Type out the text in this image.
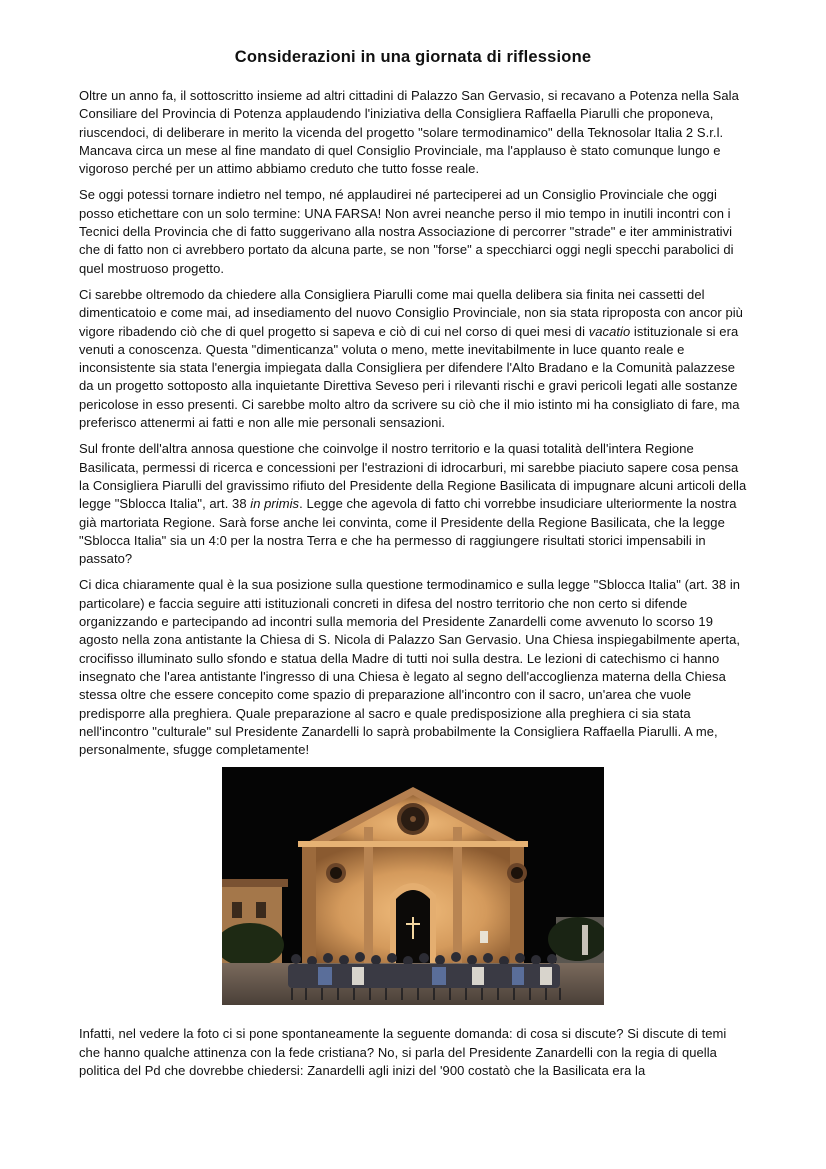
Considerazioni in una giornata di riflessione

Oltre un anno fa, il sottoscritto insieme ad altri cittadini di Palazzo San Gervasio, si recavano a Potenza nella Sala Consiliare del Provincia di Potenza applaudendo l'iniziativa della Consigliera Raffaella Piarulli che proponeva, riuscendoci, di deliberare in merito la vicenda del progetto "solare termodinamico" della Teknosolar Italia 2 S.r.l. Mancava circa un mese al fine mandato di quel Consiglio Provinciale, ma l'applauso è stato comunque lungo e vigoroso perché per un attimo abbiamo creduto che tutto fosse reale.

Se oggi potessi tornare indietro nel tempo, né applaudirei né parteciperei ad un Consiglio Provinciale che oggi posso etichettare con un solo termine: UNA FARSA! Non avrei neanche perso il mio tempo in inutili incontri con i Tecnici della Provincia che di fatto suggerivano alla nostra Associazione di percorrer "strade" e iter amministrativi che di fatto non ci avrebbero portato da alcuna parte, se non "forse" a specchiarci oggi negli specchi parabolici di quel mostruoso progetto.

Ci sarebbe oltremodo da chiedere alla Consigliera Piarulli come mai quella delibera sia finita nei cassetti del dimenticatoio e come mai, ad insediamento del nuovo Consiglio Provinciale, non sia stata riproposta con ancor più vigore ribadendo ciò che di quel progetto si sapeva e ciò di cui nel corso di quei mesi di vacatio istituzionale si era venuti a conoscenza. Questa "dimenticanza" voluta o meno, mette inevitabilmente in luce quanto reale e inconsistente sia stata l'energia impiegata dalla Consigliera per difendere l'Alto Bradano e la Comunità palazzese da un progetto sottoposto alla inquietante Direttiva Seveso peri i rilevanti rischi e gravi pericoli legati alle sostanze pericolose in esso presenti. Ci sarebbe molto altro da scrivere su ciò che il mio istinto mi ha consigliato di fare, ma preferisco attenermi ai fatti e non alle mie personali sensazioni.

Sul fronte dell'altra annosa questione che coinvolge il nostro territorio e la quasi totalità dell'intera Regione Basilicata, permessi di ricerca e concessioni per l'estrazioni di idrocarburi, mi sarebbe piaciuto sapere cosa pensa la Consigliera Piarulli del gravissimo rifiuto del Presidente della Regione Basilicata di impugnare alcuni articoli della legge "Sblocca Italia", art. 38 in primis. Legge che agevola di fatto chi vorrebbe insudiciare ulteriormente la nostra già martoriata Regione. Sarà forse anche lei convinta, come il Presidente della Regione Basilicata, che la legge "Sblocca Italia" sia un 4:0 per la nostra Terra e che ha permesso di raggiungere risultati storici impensabili in passato?

Ci dica chiaramente qual è la sua posizione sulla questione termodinamico e sulla legge "Sblocca Italia" (art. 38 in particolare) e faccia seguire atti istituzionali concreti in difesa del nostro territorio che non certo si difende organizzando e partecipando ad incontri sulla memoria del Presidente Zanardelli come avvenuto lo scorso 19 agosto nella zona antistante la Chiesa di S. Nicola di Palazzo San Gervasio. Una Chiesa inspiegabilmente aperta, crocifisso illuminato sullo sfondo e statua della Madre di tutti noi sulla destra. Le lezioni di catechismo ci hanno insegnato che l'area antistante l'ingresso di una Chiesa è legato al segno dell'accoglienza materna della Chiesa stessa oltre che essere concepito come spazio di preparazione all'incontro con il sacro, un'area che vuole predisporre alla preghiera. Quale preparazione al sacro e quale predisposizione alla preghiera ci sia stata nell'incontro "culturale" sul Presidente Zanardelli lo saprà probabilmente la Consigliera Raffaella Piarulli. A me, personalmente, sfugge completamente!

Infatti, nel vedere la foto ci si pone spontaneamente la seguente domanda: di cosa si discute? Si discute di temi che hanno qualche attinenza con la fede cristiana? No, si parla del Presidente Zanardelli con la regia di quella politica del Pd che dovrebbe chiedersi: Zanardelli agli inizi del '900 costatò che la Basilicata era la
